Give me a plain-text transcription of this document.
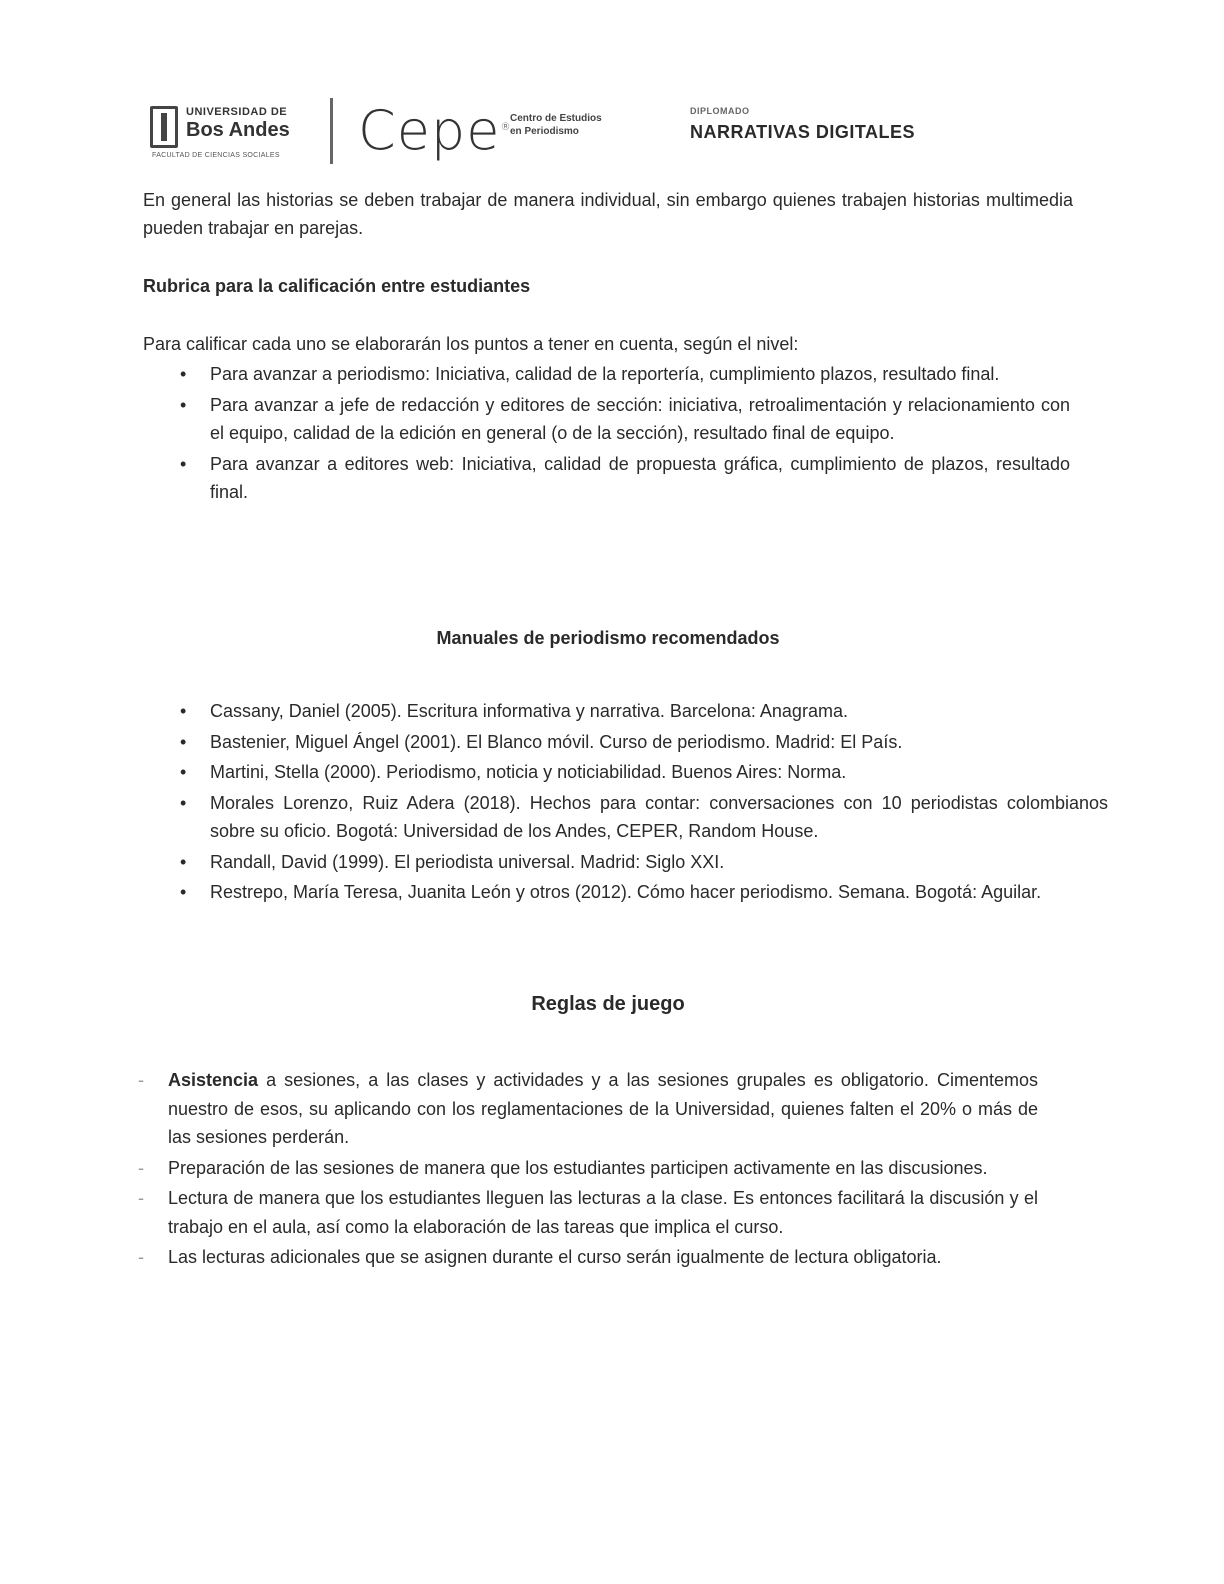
UNIVERSIDAD DE
Bos Andes
FACULTAD DE CIENCIAS SOCIALES Cepe®
Centro de Estudios
en Periodismo
DIPLOMADO
NARRATIVAS DIGITALES
En general las historias se deben trabajar de manera individual, sin embargo quienes trabajen historias multimedia pueden trabajar en parejas.
Rubrica para la calificación entre estudiantes
Para calificar cada uno se elaborarán los puntos a tener en cuenta, según el nivel:
•	Para avanzar a periodismo: Iniciativa, calidad de la reportería, cumplimiento plazos, resultado final.
•	Para avanzar a jefe de redacción y editores de sección: iniciativa, retroalimentación y relacionamiento con el equipo, calidad de la edición en general (o de la sección), resultado final de equipo.
•	Para avanzar a editores web: Iniciativa, calidad de propuesta gráfica, cumplimiento de plazos, resultado final.
Manuales de periodismo recomendados
•	Cassany, Daniel (2005). Escritura informativa y narrativa. Barcelona: Anagrama.
•	Bastenier, Miguel Ángel (2001). El Blanco móvil. Curso de periodismo. Madrid: El País.
•	Martini, Stella (2000). Periodismo, noticia y noticiabilidad. Buenos Aires: Norma.
•	Morales Lorenzo, Ruiz Adera (2018). Hechos para contar: conversaciones con 10 periodistas colombianos sobre su oficio. Bogotá: Universidad de los Andes, CEPER, Random House.
•	Randall, David (1999). El periodista universal. Madrid: Siglo XXI.
•	Restrepo, María Teresa, Juanita León y otros (2012). Cómo hacer periodismo. Semana. Bogotá: Aguilar.
Reglas de juego
-	Asistencia a sesiones, a las clases y actividades y a las sesiones grupales es obligatorio. Cimentemos nuestro de esos, su aplicando con los reglamentaciones de la Universidad, quienes falten el 20% o más de las sesiones perderán.
-	Preparación de las sesiones de manera que los estudiantes participen activamente en las discusiones.
-	Lectura de manera que los estudiantes lleguen las lecturas a la clase. Es entonces facilitará la discusión y el trabajo en el aula, así como la elaboración de las tareas que implica el curso.
-	Las lecturas adicionales que se asignen durante el curso serán igualmente de lectura obligatoria.
